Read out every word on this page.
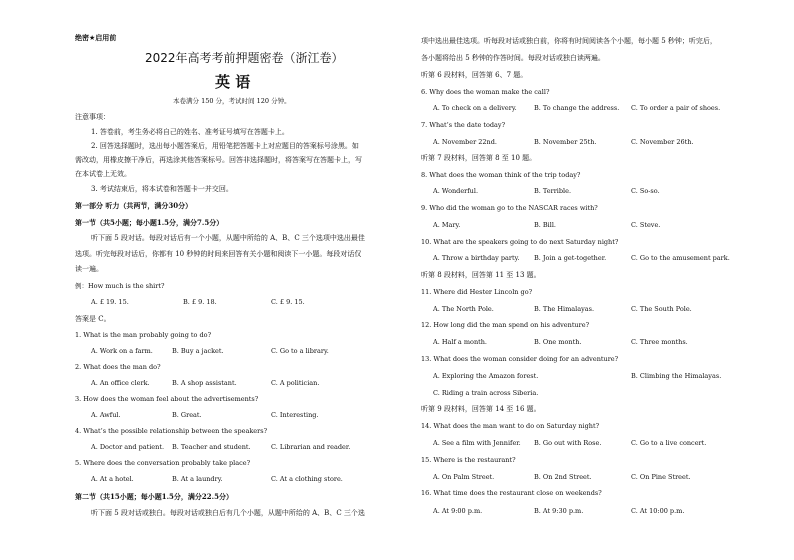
绝密★启用前
2022年高考考前押题密卷（浙江卷）
英 语
本卷满分 150 分，考试时间 120 分钟。
注意事项：
1. 答卷前，考生务必将自己的姓名、准考证号填写在答题卡上。
2. 回答选择题时，选出每小题答案后，用铅笔把答题卡上对应题目的答案标号涂黑。如
需改动，用橡皮擦干净后，再选涂其他答案标号。回答非选择题时，将答案写在答题卡上，写
在本试卷上无效。
3. 考试结束后，将本试卷和答题卡一并交回。
第一部分 听力（共两节，满分30分）
第一节（共5小题；每小题1.5分，满分7.5分）
听下面 5 段对话。每段对话后有一个小题，从题中所给的 A、B、C 三个选项中选出最佳
选项。听完每段对话后，你都有 10 秒钟的时间来回答有关小题和阅读下一小题。每段对话仅
读一遍。
例：How much is the shirt?
A. £ 19. 15.	B. £ 9. 18.	C. £ 9. 15.
答案是 C。
1. What is the man probably going to do?
A. Work on a farm.	B. Buy a jacket.	C. Go to a library.
2. What does the man do?
A. An office clerk.	B. A shop assistant.	C. A politician.
3. How does the woman feel about the advertisements?
A. Awful.	B. Great.	C. Interesting.
4. What’s the possible relationship between the speakers?
A. Doctor and patient. B. Teacher and student.	C. Librarian and reader.
5. Where does the conversation probably take place?
A. At a hotel.	B. At a laundry.	C. At a clothing store.
第二节（共15小题；每小题1.5分，满分22.5分）
听下面 5 段对话或独白。每段对话或独白后有几个小题，从题中所给的 A、B、C 三个选
项中选出最佳选项。听每段对话或独白前，你将有时间阅读各个小题，每小题 5 秒钟；听完后，
各小题将给出 5 秒钟的作答时间。每段对话或独白读两遍。
听第 6 段材料，回答第 6、7 题。
6. Why does the woman make the call?
A. To check on a delivery.	B. To change the address. C. To order a pair of shoes.
7. What’s the date today?
A. November 22nd.	B. November 25th.	C. November 26th.
听第 7 段材料，回答第 8 至 10 题。
8. What does the woman think of the trip today?
A. Wonderful.	B. Terrible.	C. So-so.
9. Who did the woman go to the NASCAR races with?
A. Mary.	B. Bill.	C. Steve.
10. What are the speakers going to do next Saturday night?
A. Throw a birthday party. B. Join a get-together.	C. Go to the amusement park.
听第 8 段材料，回答第 11 至 13 题。
11. Where did Hester Lincoln go?
A. The North Pole.	B. The Himalayas.	C. The South Pole.
12. How long did the man spend on his adventure?
A. Half a month.	B. One month.	C. Three months.
13. What does the woman consider doing for an adventure?
A. Exploring the Amazon forest.	B. Climbing the Himalayas.
C. Riding a train across Siberia.
听第 9 段材料，回答第 14 至 16 题。
14. What does the man want to do on Saturday night?
A. See a film with Jennifer. B. Go out with Rose.	C. Go to a live concert.
15. Where is the restaurant?
A. On Palm Street.	B. On 2nd Street.	C. On Pine Street.
16. What time does the restaurant close on weekends?
A. At 9:00 p.m.	B. At 9:30 p.m.	C. At 10:00 p.m.
